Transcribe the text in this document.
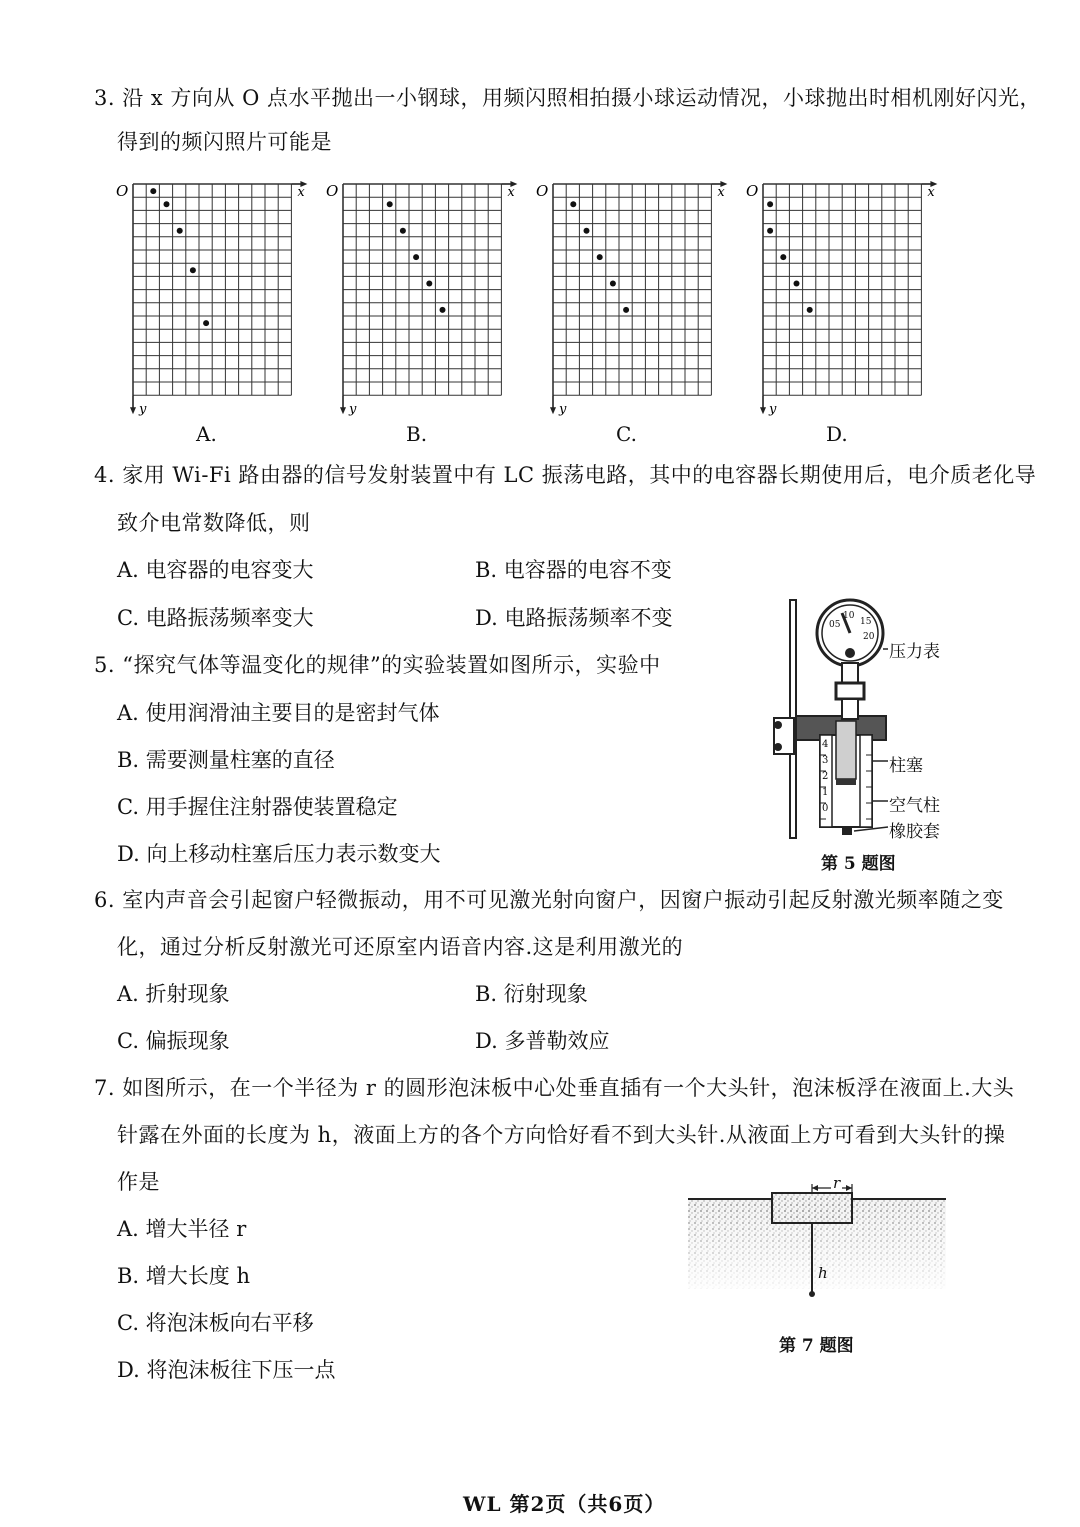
3. 沿 x 方向从 O 点水平抛出一小钢球，用频闪照相拍摄小球运动情况，小球抛出时相机刚好闪光，
得到的频闪照片可能是
O	x
y
A.
O	x
y
B.
O	x
y
C.
O	x
y
D.
4. 家用 Wi-Fi 路由器的信号发射装置中有 LC 振荡电路，其中的电容器长期使用后，电介质老化导
致介电常数降低，则
A. 电容器的电容变大	B. 电容器的电容不变
C. 电路振荡频率变大	D. 电路振荡频率不变
5. “探究气体等温变化的规律”的实验装置如图所示，实验中
A. 使用润滑油主要目的是密封气体
B. 需要测量柱塞的直径
C. 用手握住注射器使装置稳定
D. 向上移动柱塞后压力表示数变大
05
10
15
20
4
3
2
1
0
压力表
柱塞
空气柱
橡胶套
第 5 题图
6. 室内声音会引起窗户轻微振动，用不可见激光射向窗户，因窗户振动引起反射激光频率随之变
化，通过分析反射激光可还原室内语音内容.这是利用激光的
A. 折射现象	B. 衍射现象
C. 偏振现象	D. 多普勒效应
7. 如图所示，在一个半径为 r 的圆形泡沫板中心处垂直插有一个大头针，泡沫板浮在液面上.大头
针露在外面的长度为 h，液面上方的各个方向恰好看不到大头针.从液面上方可看到大头针的操
作是
A. 增大半径 r
B. 增大长度 h
C. 将泡沫板向右平移
D. 将泡沫板往下压一点
r
h
第 7 题图
WL 第2页（共6页）
